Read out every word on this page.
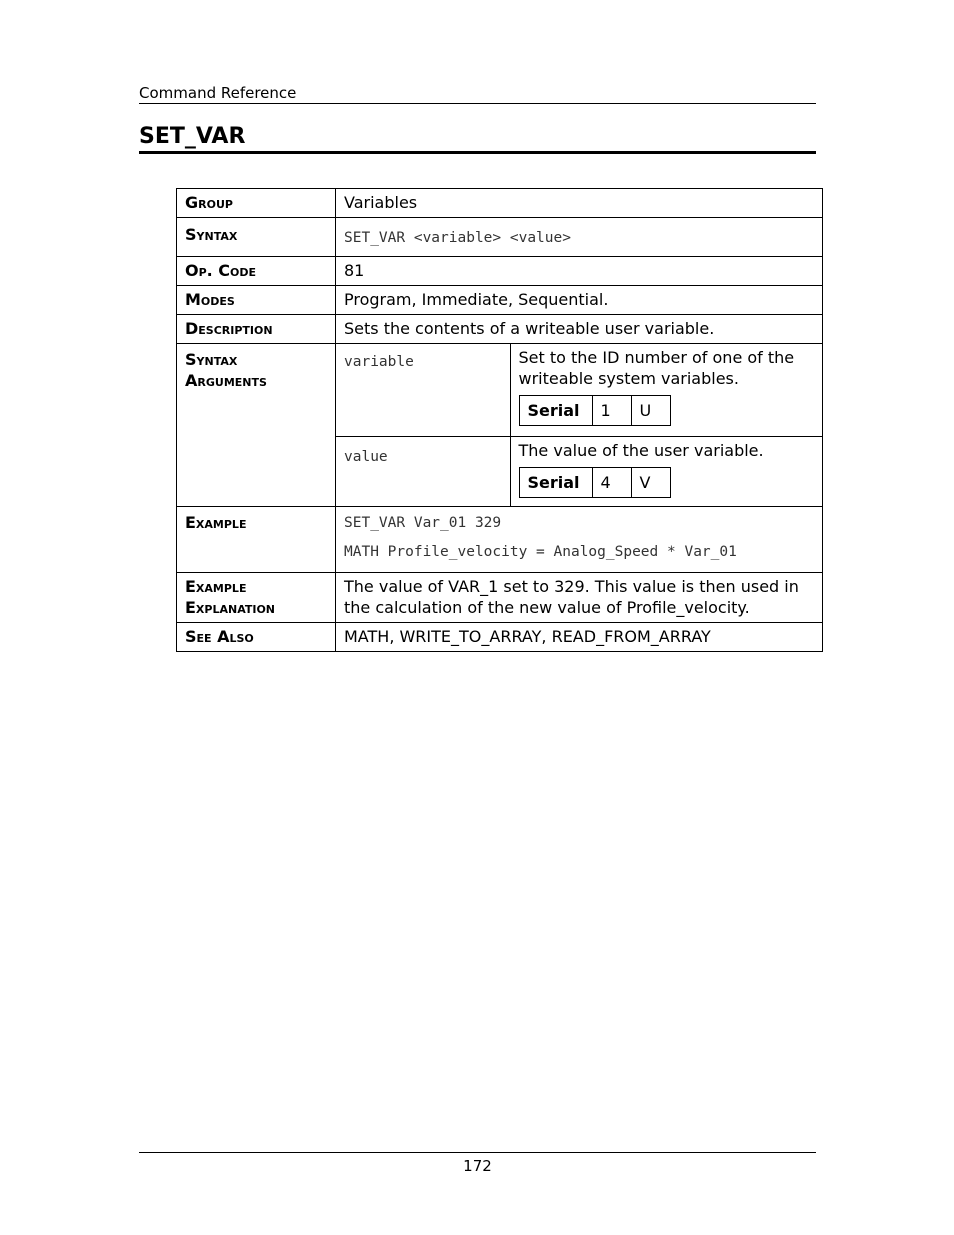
Command Reference
SET_VAR
Group	Variables
Syntax	SET_VAR <variable> <value>
Op. Code	81
Modes	Program, Immediate, Sequential.
Description	Sets the contents of a writeable user variable.

Syntax
Arguments

variable	Set to the ID number of one of the writeable system variables.
Serial	1	U

value	The value of the user variable.
Serial	4	V

Example	SET_VAR Var_01 329
MATH Profile_velocity = Analog_Speed * Var_01

Example
Explanation
	The value of VAR_1 set to 329. This value is then used in the calculation of the new value of Profile_velocity.
See Also	MATH, WRITE_TO_ARRAY, READ_FROM_ARRAY
172
